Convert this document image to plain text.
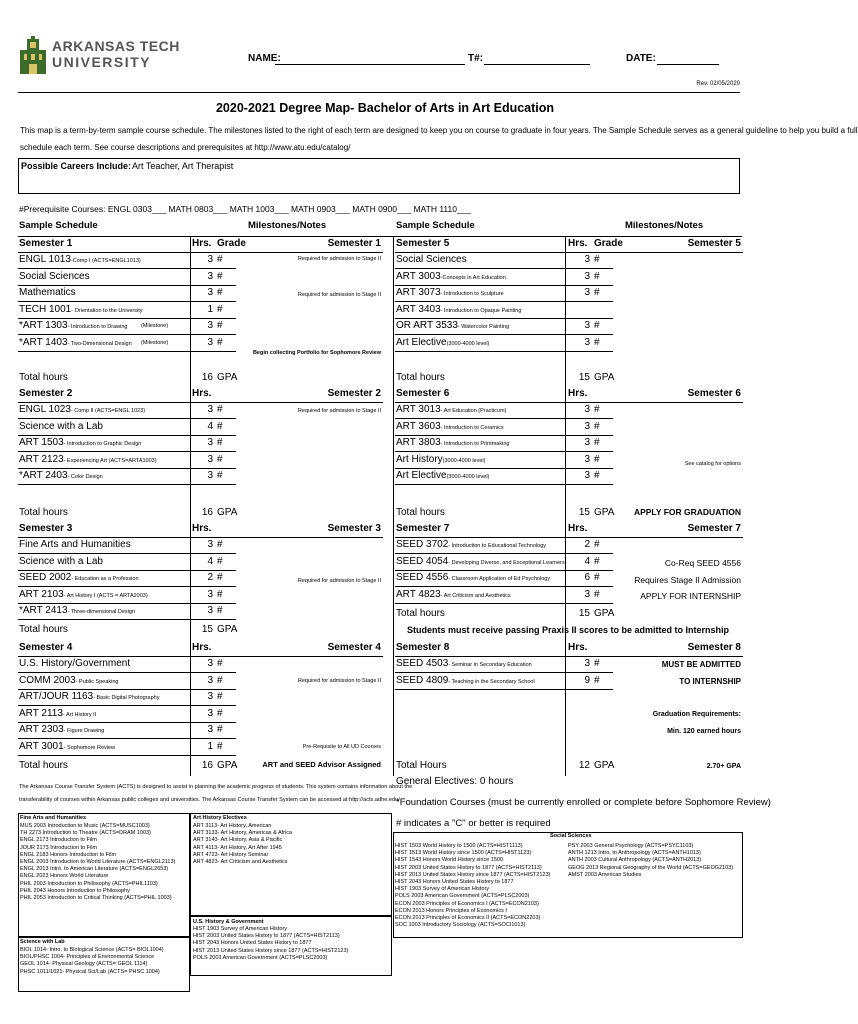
ARKANSAS TECH
UNIVERSITY	NAME:	T#:	DATE:
Rev. 02/05/2020
2020-2021 Degree Map- Bachelor of Arts in Art Education
This map is a term-by-term sample course schedule. The milestones listed to the right of each term are designed to keep you on course to graduate in four years. The Sample Schedule serves as a general guideline to help you build a full
schedule each term. See course descriptions and prerequisites at http://www.atu.edu/catalog/
Possible Careers Include: Art Teacher, Art Therapist
#Prerequisite Courses: ENGL 0303___ MATH 0803___ MATH 1003___ MATH 0903___ MATH 0900___ MATH 1110___
Sample Schedule	Milestones/Notes	Sample Schedule	Milestones/Notes
Semester 1	Hrs. Grade	Semester 1
ENGL 1013-Comp I (ACTS=ENGL1013)	3 #
Social Sciences	3 #
Mathematics	3 #
TECH 1001- Orientation to the University	1 #
*ART 1303- Introduction to Drawing (Milestone)	3 #
*ART 1403- Two-Dimensional Design (Milestone)	3 #
Required for admission to Stage II
Required for admission to Stage II
Begin collecting Portfolio for Sophomore Review
Total hours	16 GPA
Semester 2	Hrs.	Semester 2
ENGL 1023- Comp II (ACTS=ENGL 1023)	3 #
Science with a Lab	4 #
ART 1503- Introduction to Graphic Design	3 #
ART 2123- Experiencing Art (ACTS=ARTA1003)	3 #
*ART 2403- Color Design	3 #
Required for admission to Stage II
Total hours	16 GPA
Semester 3	Hrs.	Semester 3
Fine Arts and Humanities	3 #
Science with a Lab	4 #
SEED 2002- Education as a Profession	2 #
ART 2103- Art History I (ACTS = ARTA2003)	3 #
*ART 2413- Three-dimensional Design	3 #
Required for admission to Stage II
Total hours	15 GPA
Semester 4	Hrs.	Semester 4
U.S. History/Government	3 #
COMM 2003- Public Speaking	3 #
ART/JOUR 1163- Basic Digital Photography	3 #
ART 2113- Art History II	3 #
ART 2303- Figure Drawing	3 #
ART 3001- Sophomore Review	1 #
Required for admission to Stage II
Pre-Requisite to All UD Courses
ART and SEED Advisor Assigned
Total hours	16 GPA
Semester 5	Hrs. Grade	Semester 5
Social Sciences	3 #
ART 3003-Concepts in Art Education	3 #
ART 3073- Introduction to Sculpture	3 #
ART 3403- Introduction to Opaque Painting
OR ART 3533- Watercolor Painting	3 #
Art Elective(3000-4000 level)	3 #
Total hours	15 GPA
Semester 6	Hrs.	Semester 6
ART 3013- Art Education (Practicum)	3 #
ART 3603- Introduction to Ceramics	3 #
ART 3803- Introduction to Printmaking	3 #
Art History(3000-4000 level)	3 #
Art Elective(3000-4000 level)	3 #
See catalog for options
Total hours	15 GPA	APPLY FOR GRADUATION
Semester 7	Hrs.	Semester 7
SEED 3702- Introduction to Educational Technology	2 #
SEED 4054- Developing Diverse, and Exceptional Learners	4 #
SEED 4556- Classroom Application of Ed Psychology	6 #
ART 4823- Art Criticism and Aesthetics	3 #
Co-Req SEED 4556
Requires Stage II Admission
APPLY FOR INTERNSHIP
Total hours	15 GPA
Students must receive passing Praxis II scores to be admitted to Internship
Semester 8	Hrs.	Semester 8
SEED 4503- Seminar in Secondary Education	3 #
SEED 4809- Teaching in the Secondary School	9 #
MUST BE ADMITTED
TO INTERNSHIP
Graduation Requirements:
Min. 120 earned hours
2.70+ GPA
Total Hours	12 GPA
General Electives: 0 hours
The Arkansas Course Transfer System (ACTS) is designed to assist in planning the academic progress of students. This system contains information about the
transferability of courses within Arkansas public colleges and universities. The Arkansas Course Transfer System can be accessed at http://acts.adhe.edu/
*Foundation Courses (must be currently enrolled or complete before Sophomore Review)
# indicates a "C" or better is required
Fine Arts and Humanities
MUS 2003 Introduction to Music (ACTS=MUSC1003)
TH 2273 Introduction to Theatre (ACTS=DRAM 1003)
ENGL 2173 Introduction to Film
JOUR 2173 Introduction to Film
ENGL 2183 Honors Introduction to Film
ENGL 2003 Introduction to World Literature (ACTS=ENGL2113)
ENGL 2013 Intro. to American Literature (ACTS=ENGL2653)
ENGL 2023 Honors World Literature
PHIL 2003 Introduction to Philosophy (ACTS=PHIL1103)
PHIL 2043 Honors Introduction to Philosophy
PHIL 2053 Introduction to Critical Thinking (ACTS=PHIL 1003)
Science with Lab
BIOL 1014- Intro. to Biological Science (ACTS= BIOL1004)
BIOL/PHSC 1004- Principles of Environmental Science
GEOL 1014- Physical Geology (ACTS= GEOL 1114)
PHSC 1011/1021- Physical Sci/Lab (ACTS= PHSC 1004)
Art History Electives
ART 3113- Art History, American
ART 3133- Art History, Americas & Africa
ART 3143- Art History, Asia & Pacific
ART 4113- Art History, Art After 1945
ART 4723- Art History Seminar
ART 4823- Art Criticism and Aesthetics
U.S. History & Government
HIST 1903 Survey of American History
HIST 2003 United States History to 1877 (ACTS=HIST2113)
HIST 2043 Honors United States History to 1877
HIST 2013 United States History since 1877 (ACTS=HIST2123)
POLS 2003 American Government (ACTS=PLSC2003)
Social Sciences
HIST 1503 World History to 1500 (ACTS=HIST1113)
HIST 1513 World History since 1500 (ACTS=HIST1123)
HIST 1543 Honors World History since 1500
HIST 2003 United States History to 1877 (ACTS=HIST2113)
HIST 2013 United States History since 1877 (ACTS=HIST2123)
HIST 2043 Honors United States History to 1877
HIST 1903 Survey of American History
POLS 2003 American Government (ACTS=PLSC2003)
ECON 2003 Principles of Economics I (ACTS=ECON2103)
ECON 2013 Honors Principles of Economics I
ECON 2013 Principles of Economics II (ACTS=ECON2203)
SOC 1003 Introductory Sociology (ACTS=SOCI1013)
PSY 2003 General Psychology (ACTS=PSYC1103)
ANTH 1213 Intro. to Anthropology (ACTS=ANTH1013)
ANTH 2003 Cultural Anthropology (ACTS=ANTH2013)
GEOG 2013 Regional Geography of the World (ACTS=GEOG2103)
AMST 2003 American Studies
